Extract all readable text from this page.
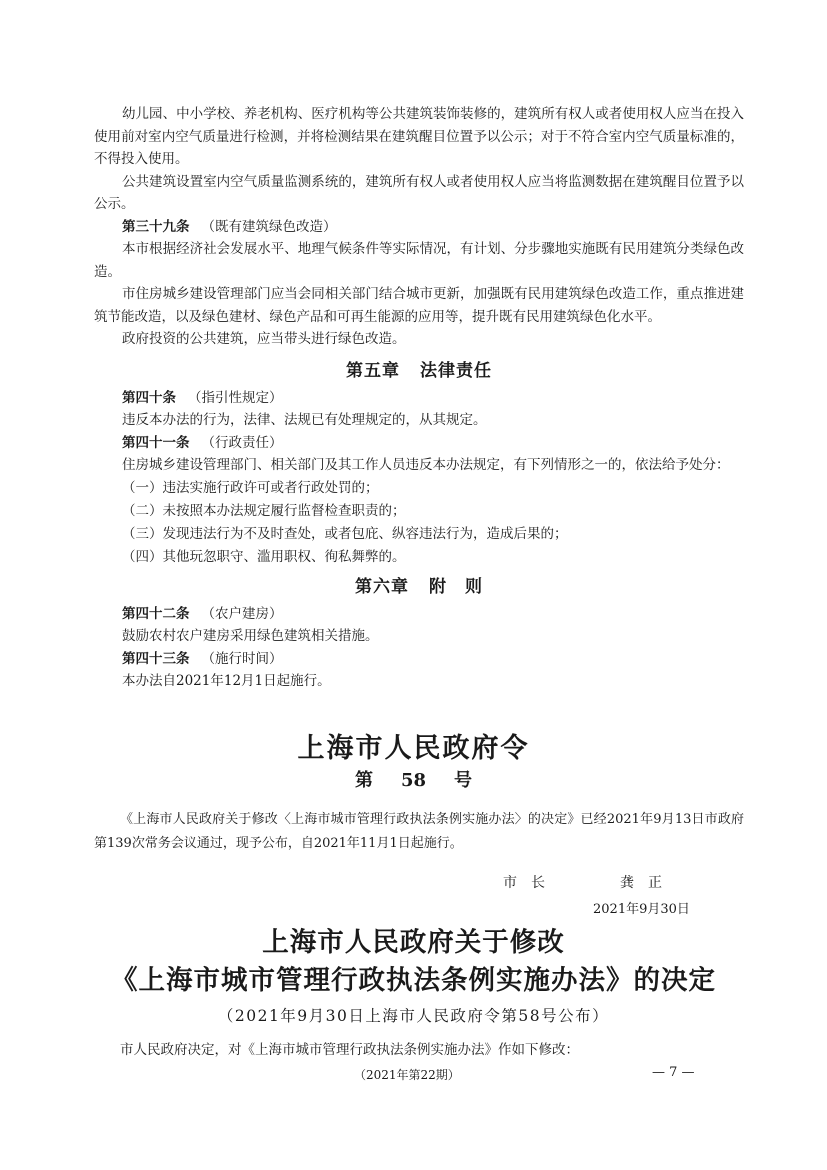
幼儿园、中小学校、养老机构、医疗机构等公共建筑装饰装修的，建筑所有权人或者使用权人应当在投入使用前对室内空气质量进行检测，并将检测结果在建筑醒目位置予以公示；对于不符合室内空气质量标准的，不得投入使用。

公共建筑设置室内空气质量监测系统的，建筑所有权人或者使用权人应当将监测数据在建筑醒目位置予以公示。

第三十九条 （既有建筑绿色改造）

本市根据经济社会发展水平、地理气候条件等实际情况，有计划、分步骤地实施既有民用建筑分类绿色改造。

市住房城乡建设管理部门应当会同相关部门结合城市更新，加强既有民用建筑绿色改造工作，重点推进建筑节能改造，以及绿色建材、绿色产品和可再生能源的应用等，提升既有民用建筑绿色化水平。

政府投资的公共建筑，应当带头进行绿色改造。

第五章 法律责任

第四十条 （指引性规定）

违反本办法的行为，法律、法规已有处理规定的，从其规定。

第四十一条 （行政责任）

住房城乡建设管理部门、相关部门及其工作人员违反本办法规定，有下列情形之一的，依法给予处分：

（一）违法实施行政许可或者行政处罚的；

（二）未按照本办法规定履行监督检查职责的；

（三）发现违法行为不及时查处，或者包庇、纵容违法行为，造成后果的；

（四）其他玩忽职守、滥用职权、徇私舞弊的。

第六章 附　则

第四十二条 （农户建房）

鼓励农村农户建房采用绿色建筑相关措施。

第四十三条 （施行时间）

本办法自2021年12月1日起施行。

上海市人民政府令
第 58 号
《上海市人民政府关于修改〈上海市城市管理行政执法条例实施办法〉的决定》已经2021年9月13日市政府第139次常务会议通过，现予公布，自2021年11月1日起施行。
市　长	龚　正
2021年9月30日
上海市人民政府关于修改
《上海市城市管理行政执法条例实施办法》的决定
（2021年9月30日上海市人民政府令第58号公布）
市人民政府决定，对《上海市城市管理行政执法条例实施办法》作如下修改：
（2021年第22期）	— 7 —
